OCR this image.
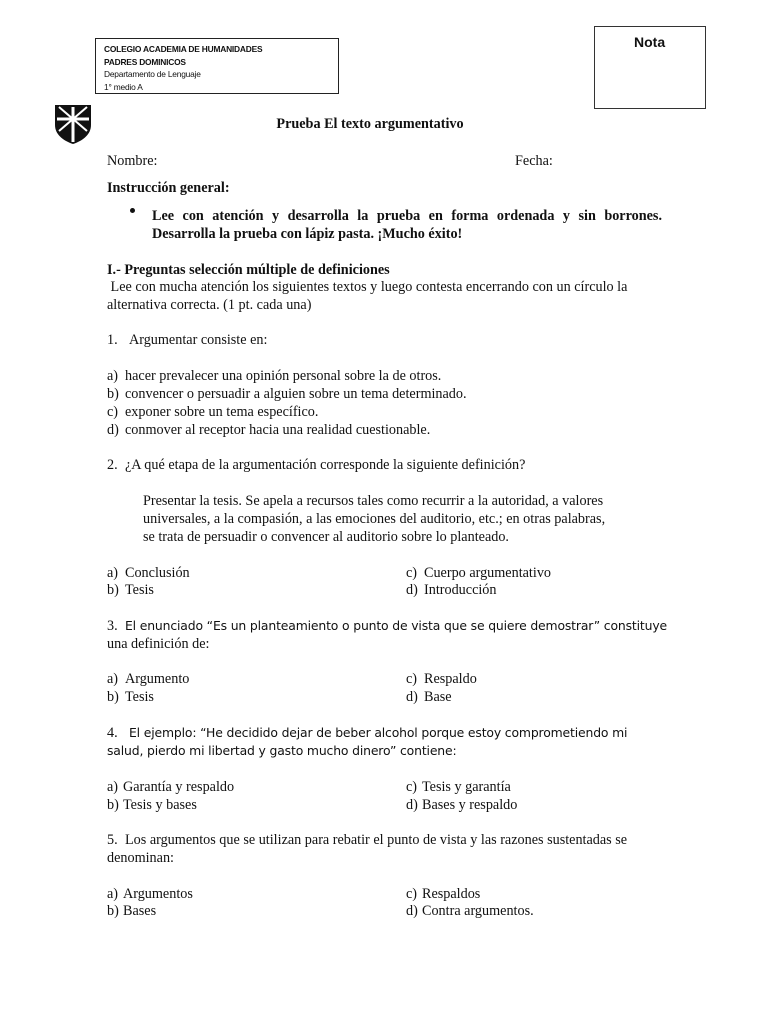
COLEGIO ACADEMIA DE HUMANIDADES
PADRES DOMINICOS
Departamento de Lenguaje
1° medio A
Nota
Prueba El texto argumentativo
Nombre:	Fecha:
Instrucción general:
Lee con atención y desarrolla la prueba en forma ordenada y sin borrones.
Desarrolla la prueba con lápiz pasta. ¡Mucho éxito!
I.- Preguntas selección múltiple de definiciones
Lee con mucha atención los siguientes textos y luego contesta encerrando con un círculo la
alternativa correcta. (1 pt. cada una)
1. Argumentar consiste en:
a) hacer prevalecer una opinión personal sobre la de otros.
b) convencer o persuadir a alguien sobre un tema determinado.
c) exponer sobre un tema específico.
d) conmover al receptor hacia una realidad cuestionable.
2. ¿A qué etapa de la argumentación corresponde la siguiente definición?
Presentar la tesis. Se apela a recursos tales como recurrir a la autoridad, a valores
universales, a la compasión, a las emociones del auditorio, etc.; en otras palabras,
se trata de persuadir o convencer al auditorio sobre lo planteado.
a) Conclusión
b) Tesis
c) Cuerpo argumentativo
d) Introducción
3. El enunciado “Es un planteamiento o punto de vista que se quiere demostrar” constituye
una definición de:
a) Argumento
b) Tesis
c) Respaldo
d) Base
4. El ejemplo: “He decidido dejar de beber alcohol porque estoy comprometiendo mi
salud, pierdo mi libertad y gasto mucho dinero” contiene:
a) Garantía y respaldo
b) Tesis y bases
c) Tesis y garantía
d) Bases y respaldo
5. Los argumentos que se utilizan para rebatir el punto de vista y las razones sustentadas se
denominan:
a) Argumentos
b) Bases
c) Respaldos
d) Contra argumentos.
